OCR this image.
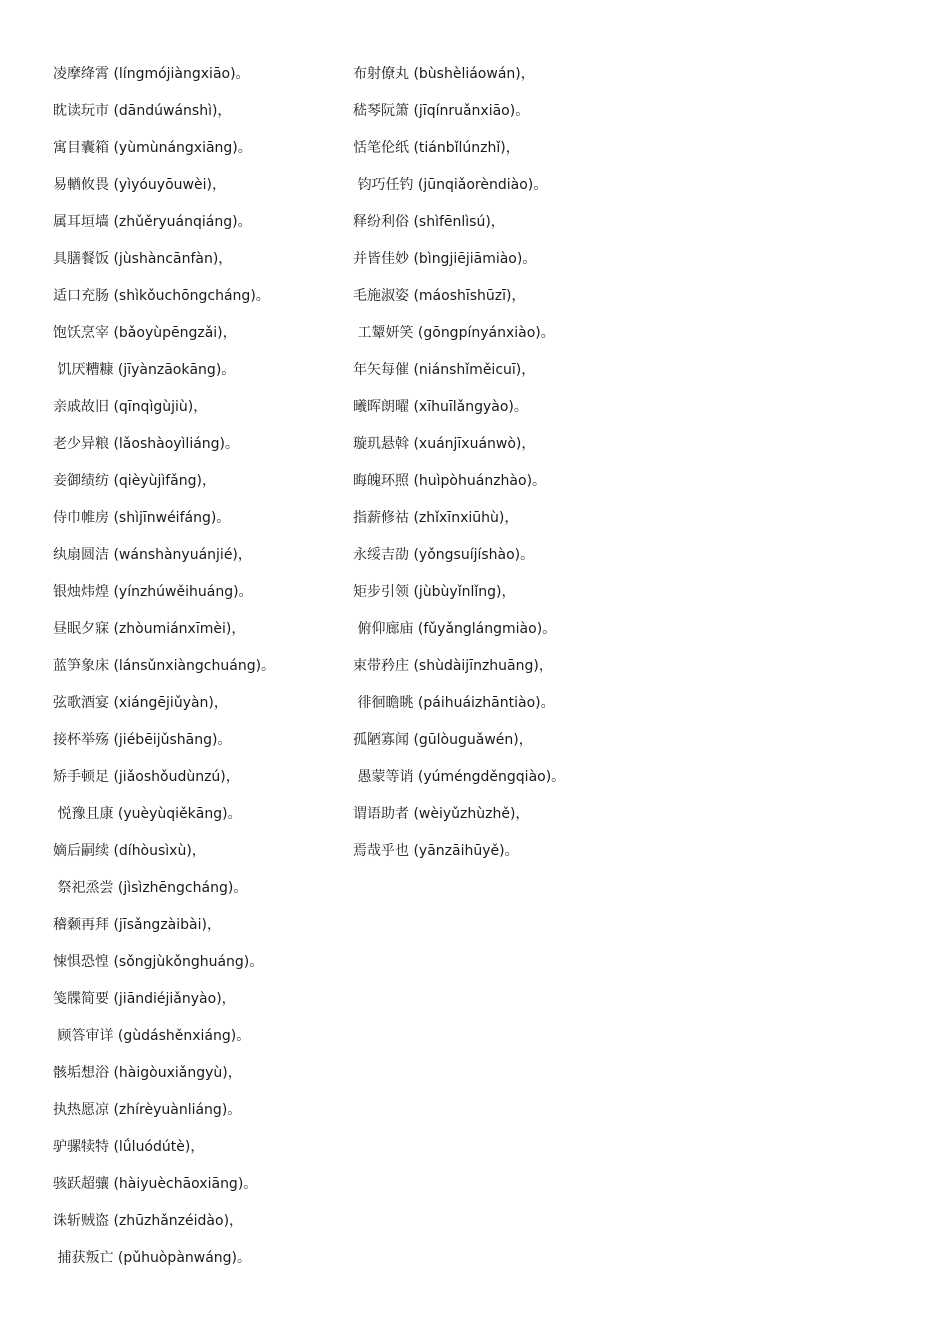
凌摩绛霄 (língmójiàngxiāo)。
眈读玩市 (dāndúwánshì)，
寓目囊箱 (yùmùnángxiāng)。
易輶攸畏 (yìyóuyōuwèi)，
属耳垣墙 (zhǔěryuánqiáng)。
具膳餐饭 (jùshàncānfàn)，
适口充肠 (shìkǒuchōngcháng)。
饱饫烹宰 (bǎoyùpēngzǎi)，
饥厌糟糠 (jīyànzāokāng)。
亲戚故旧 (qīnqìgùjiù)，
老少异粮 (lǎoshàoyìliáng)。
妾御绩纺 (qièyùjìfǎng)，
侍巾帷房 (shìjīnwéifáng)。
纨扇圆洁 (wánshànyuánjié)，
银烛炜煌 (yínzhúwěihuáng)。
昼眠夕寐 (zhòumiánxīmèi)，
蓝笋象床 (lánsǔnxiàngchuáng)。
弦歌酒宴 (xiángējiǔyàn)，
接杯举殇 (jiébēijǔshāng)。
矫手顿足 (jiǎoshǒudùnzú)，
悦豫且康 (yuèyùqiěkāng)。
嫡后嗣续 (díhòusìxù)，
祭祀烝尝 (jìsìzhēngcháng)。
稽颡再拜 (jīsǎngzàibài)，
悚惧恐惶 (sǒngjùkǒnghuáng)。
笺牒简要 (jiāndiéjiǎnyào)，
顾答审详 (gùdáshěnxiáng)。
骸垢想浴 (hàigòuxiǎngyù)，
执热愿凉 (zhírèyuànliáng)。
驴骡犊特 (lǘluódútè)，
骇跃超骧 (hàiyuèchāoxiāng)。
诛斩贼盗 (zhūzhǎnzéidào)，
捕获叛亡 (pǔhuòpànwáng)。
布射僚丸 (bùshèliáowán)，
嵇琴阮箫 (jīqínruǎnxiāo)。
恬笔伦纸 (tiánbǐlúnzhǐ)，
钧巧任钓 (jūnqiǎorèndiào)。
释纷利俗 (shìfēnlìsú)，
并皆佳妙 (bìngjiējiāmiào)。
毛施淑姿 (máoshīshūzī)，
工颦妍笑 (gōngpínyánxiào)。
年矢每催 (niánshǐměicuī)，
曦晖朗曜 (xīhuīlǎngyào)。
璇玑悬斡 (xuánjīxuánwò)，
晦魄环照 (huìpòhuánzhào)。
指薪修祜 (zhǐxīnxiūhù)，
永绥吉劭 (yǒngsuíjíshào)。
矩步引领 (jùbùyǐnlǐng)，
俯仰廊庙 (fǔyǎnglángmiào)。
束带矜庄 (shùdàijīnzhuāng)，
徘徊瞻眺 (páihuáizhāntiào)。
孤陋寡闻 (gūlòuguǎwén)，
愚蒙等诮 (yúméngděngqiào)。
谓语助者 (wèiyǔzhùzhě)，
焉哉乎也 (yānzāihūyě)。
